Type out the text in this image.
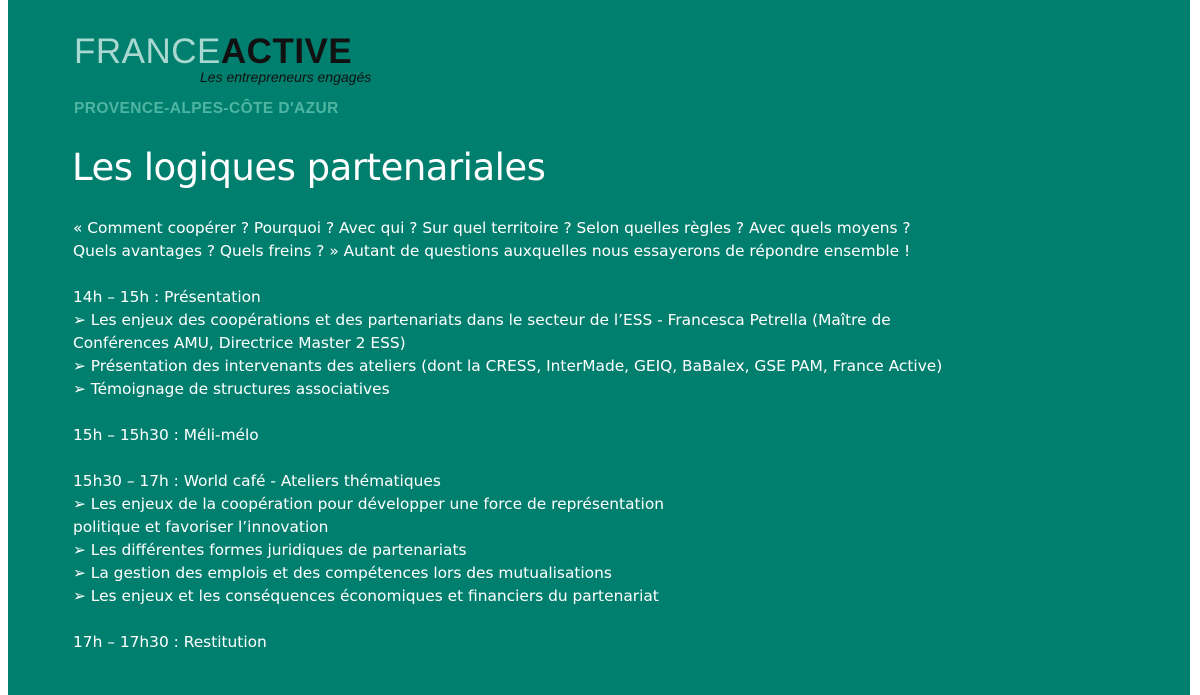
FRANCEACTIVE
Les entrepreneurs engagés
PROVENCE-ALPES-CÔTE D'AZUR
Les logiques partenariales

« Comment coopérer ? Pourquoi ? Avec qui ? Sur quel territoire ? Selon quelles règles ? Avec quels moyens ?

Quels avantages ? Quels freins ? » Autant de questions auxquelles nous essayerons de répondre ensemble !

14h – 15h : Présentation

➢ Les enjeux des coopérations et des partenariats dans le secteur de l’ESS - Francesca Petrella (Maître de

Conférences AMU, Directrice Master 2 ESS)

➢ Présentation des intervenants des ateliers (dont la CRESS, InterMade, GEIQ, BaBalex, GSE PAM, France Active)

➢ Témoignage de structures associatives

15h – 15h30 : Méli-mélo

15h30 – 17h : World café - Ateliers thématiques

➢ Les enjeux de la coopération pour développer une force de représentation

politique et favoriser l’innovation

➢ Les différentes formes juridiques de partenariats

➢ La gestion des emplois et des compétences lors des mutualisations

➢ Les enjeux et les conséquences économiques et financiers du partenariat

17h – 17h30 : Restitution
